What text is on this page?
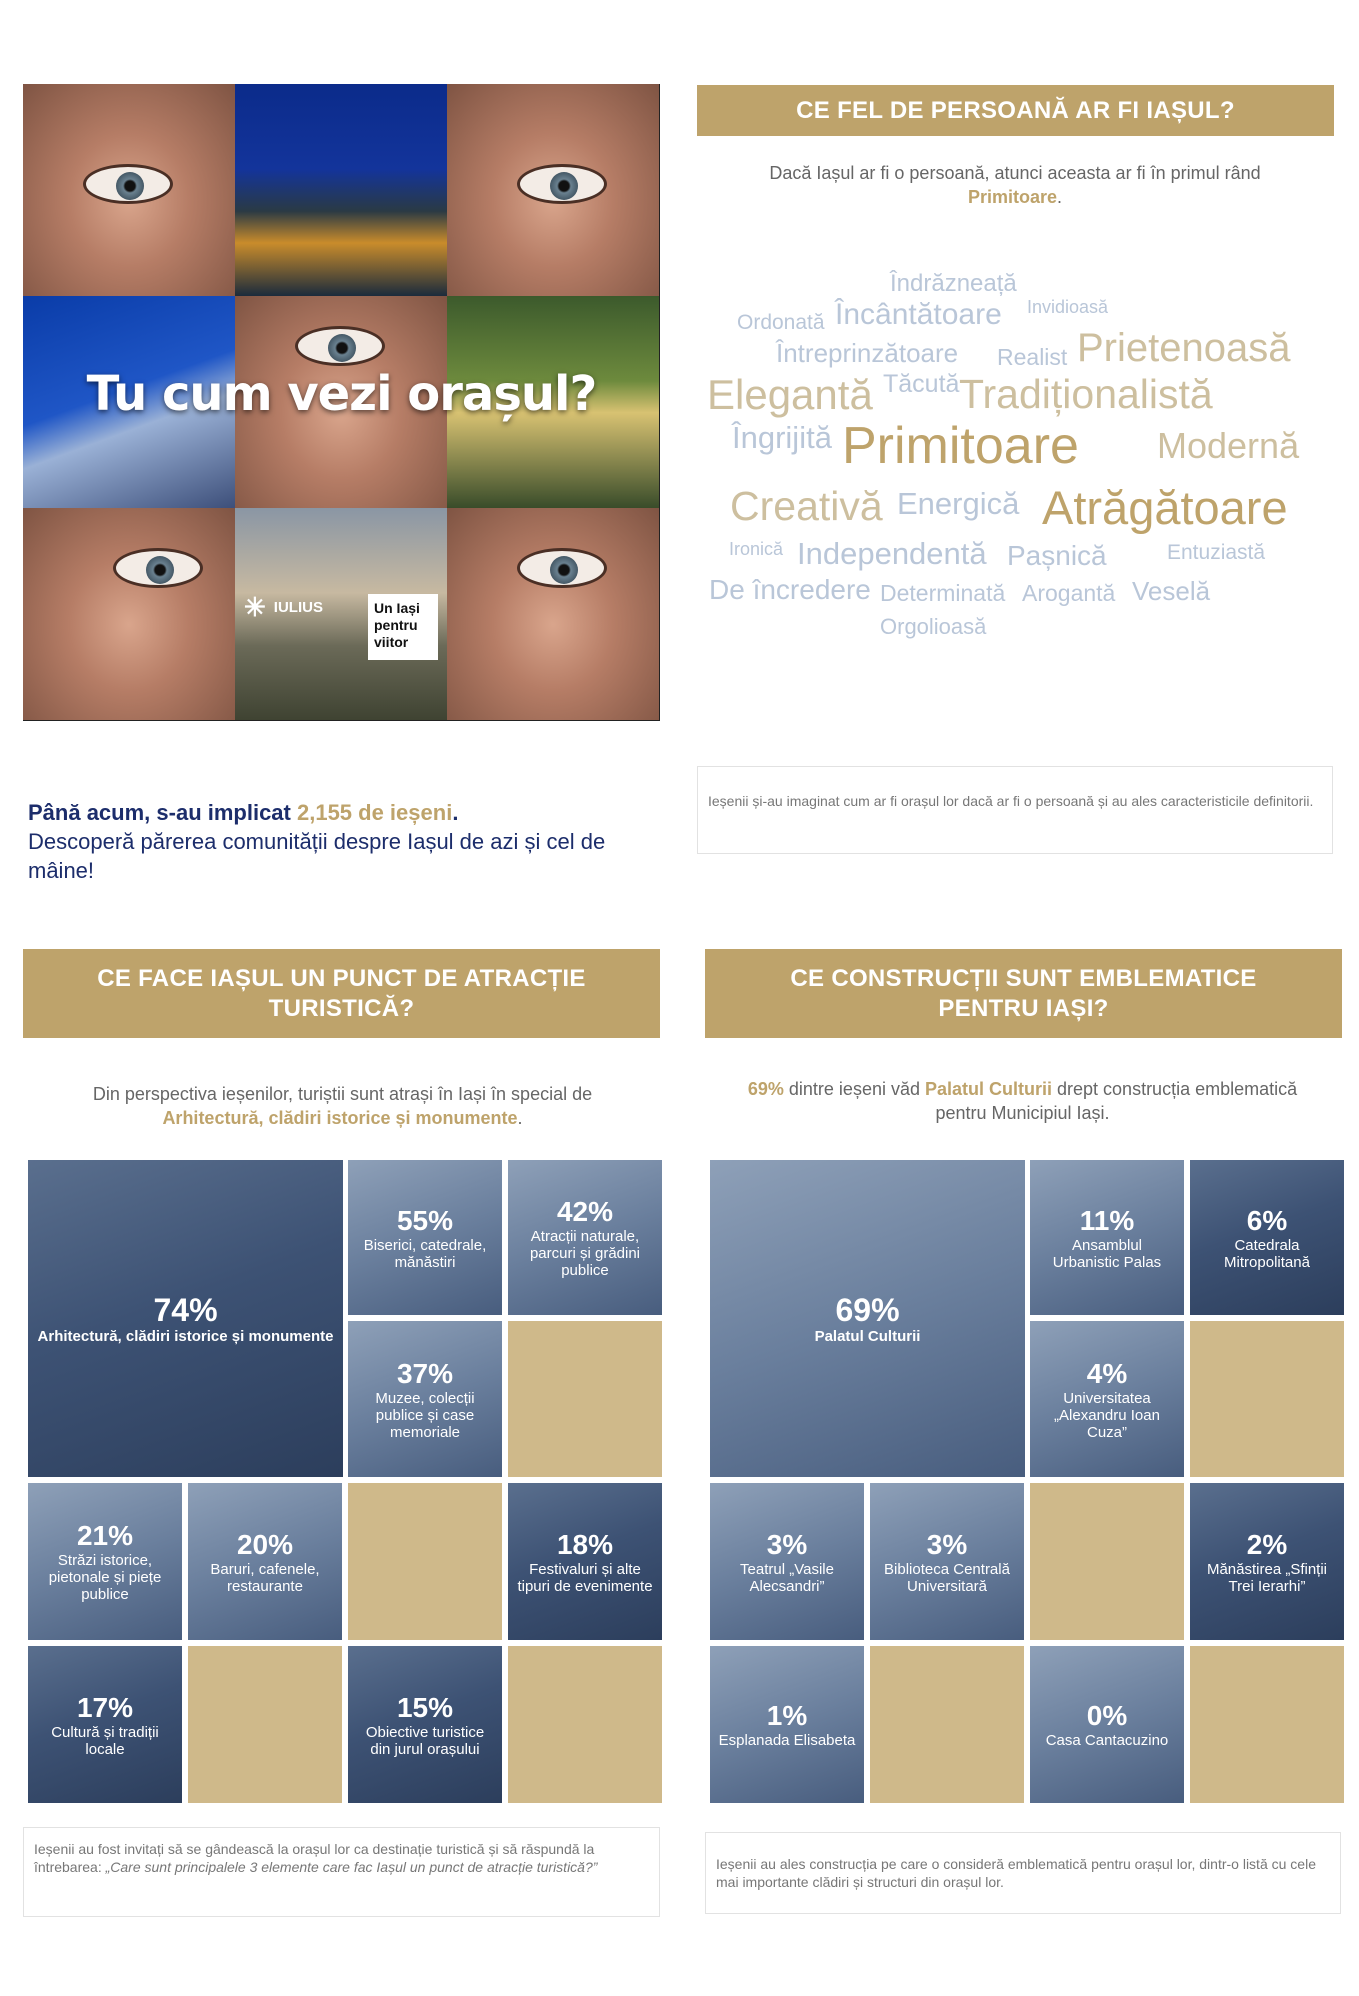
Tu cum vezi orașul?
✳ IULIUS	Un Iași pentru viitor
Până acum, s-au implicat 2,155 de ieșeni.
Descoperă părerea comunității despre Iașul de azi și cel de mâine!
CE FEL DE PERSOANĂ AR FI IAȘUL?
Dacă Iașul ar fi o persoană, atunci aceasta ar fi în primul rând
Primitoare.
Îndrăzneață
Ordonată Încântătoare Invidioasă
Întreprinzătoare Realist Prietenoasă
Elegantă Tăcută Tradiționalistă
Îngrijită Primitoare Modernă
Creativă Energică Atrăgătoare
Ironică Independentă Pașnică	Entuziastă
De încredere Determinată Arogantă Veselă
Orgolioasă
Ieșenii și-au imaginat cum ar fi orașul lor dacă ar fi o persoană și au ales caracteristicile definitorii.
CE FACE IAȘUL UN PUNCT DE ATRACȚIE TURISTICĂ?
Din perspectiva ieșenilor, turiștii sunt atrași în Iași în special de
Arhitectură, clădiri istorice și monumente.
74%
Arhitectură, clădiri istorice și monumente
55%
Biserici, catedrale, mănăstiri
42%
Atracții naturale, parcuri și grădini publice
37%
Muzee, colecții publice și case memoriale
21%
Străzi istorice, pietonale și piețe publice
20%
Baruri, cafenele, restaurante
18%
Festivaluri și alte tipuri de evenimente
17%
Cultură și tradiții locale
15%
Obiective turistice din jurul orașului
Ieșenii au fost invitați să se gândească la orașul lor ca destinație turistică și să răspundă la întrebarea: „Care sunt principalele 3 elemente care fac Iașul un punct de atracție turistică?”
CE CONSTRUCȚII SUNT EMBLEMATICE PENTRU IAȘI?
69% dintre ieșeni văd Palatul Culturii drept construcția emblematică pentru Municipiul Iași.
69%
Palatul Culturii
11%
Ansamblul Urbanistic Palas
6%
Catedrala Mitropolitană
4%
Universitatea „Alexandru Ioan Cuza”
3%
Teatrul „Vasile Alecsandri”
3%
Biblioteca Centrală Universitară
2%
Mănăstirea „Sfinții Trei Ierarhi”
1%
Esplanada Elisabeta
0%
Casa Cantacuzino
Ieșenii au ales construcția pe care o consideră emblematică pentru orașul lor, dintr-o listă cu cele mai importante clădiri și structuri din orașul lor.
